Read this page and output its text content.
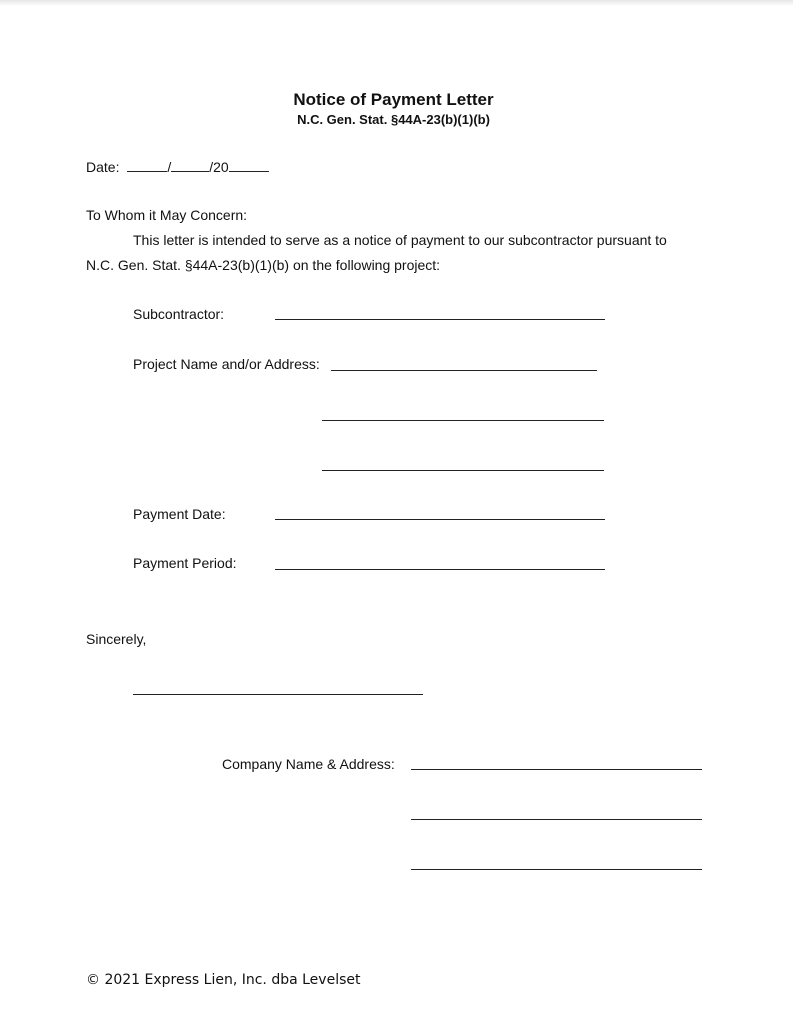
Notice of Payment Letter
N.C. Gen. Stat. §44A-23(b)(1)(b)
Date:	/	/20
To Whom it May Concern:
This letter is intended to serve as a notice of payment to our subcontractor pursuant to
N.C. Gen. Stat. §44A-23(b)(1)(b) on the following project:
Subcontractor:
Project Name and/or Address:
Payment Date:
Payment Period:
Sincerely,
Company Name & Address:
© 2021 Express Lien, Inc. dba Levelset
